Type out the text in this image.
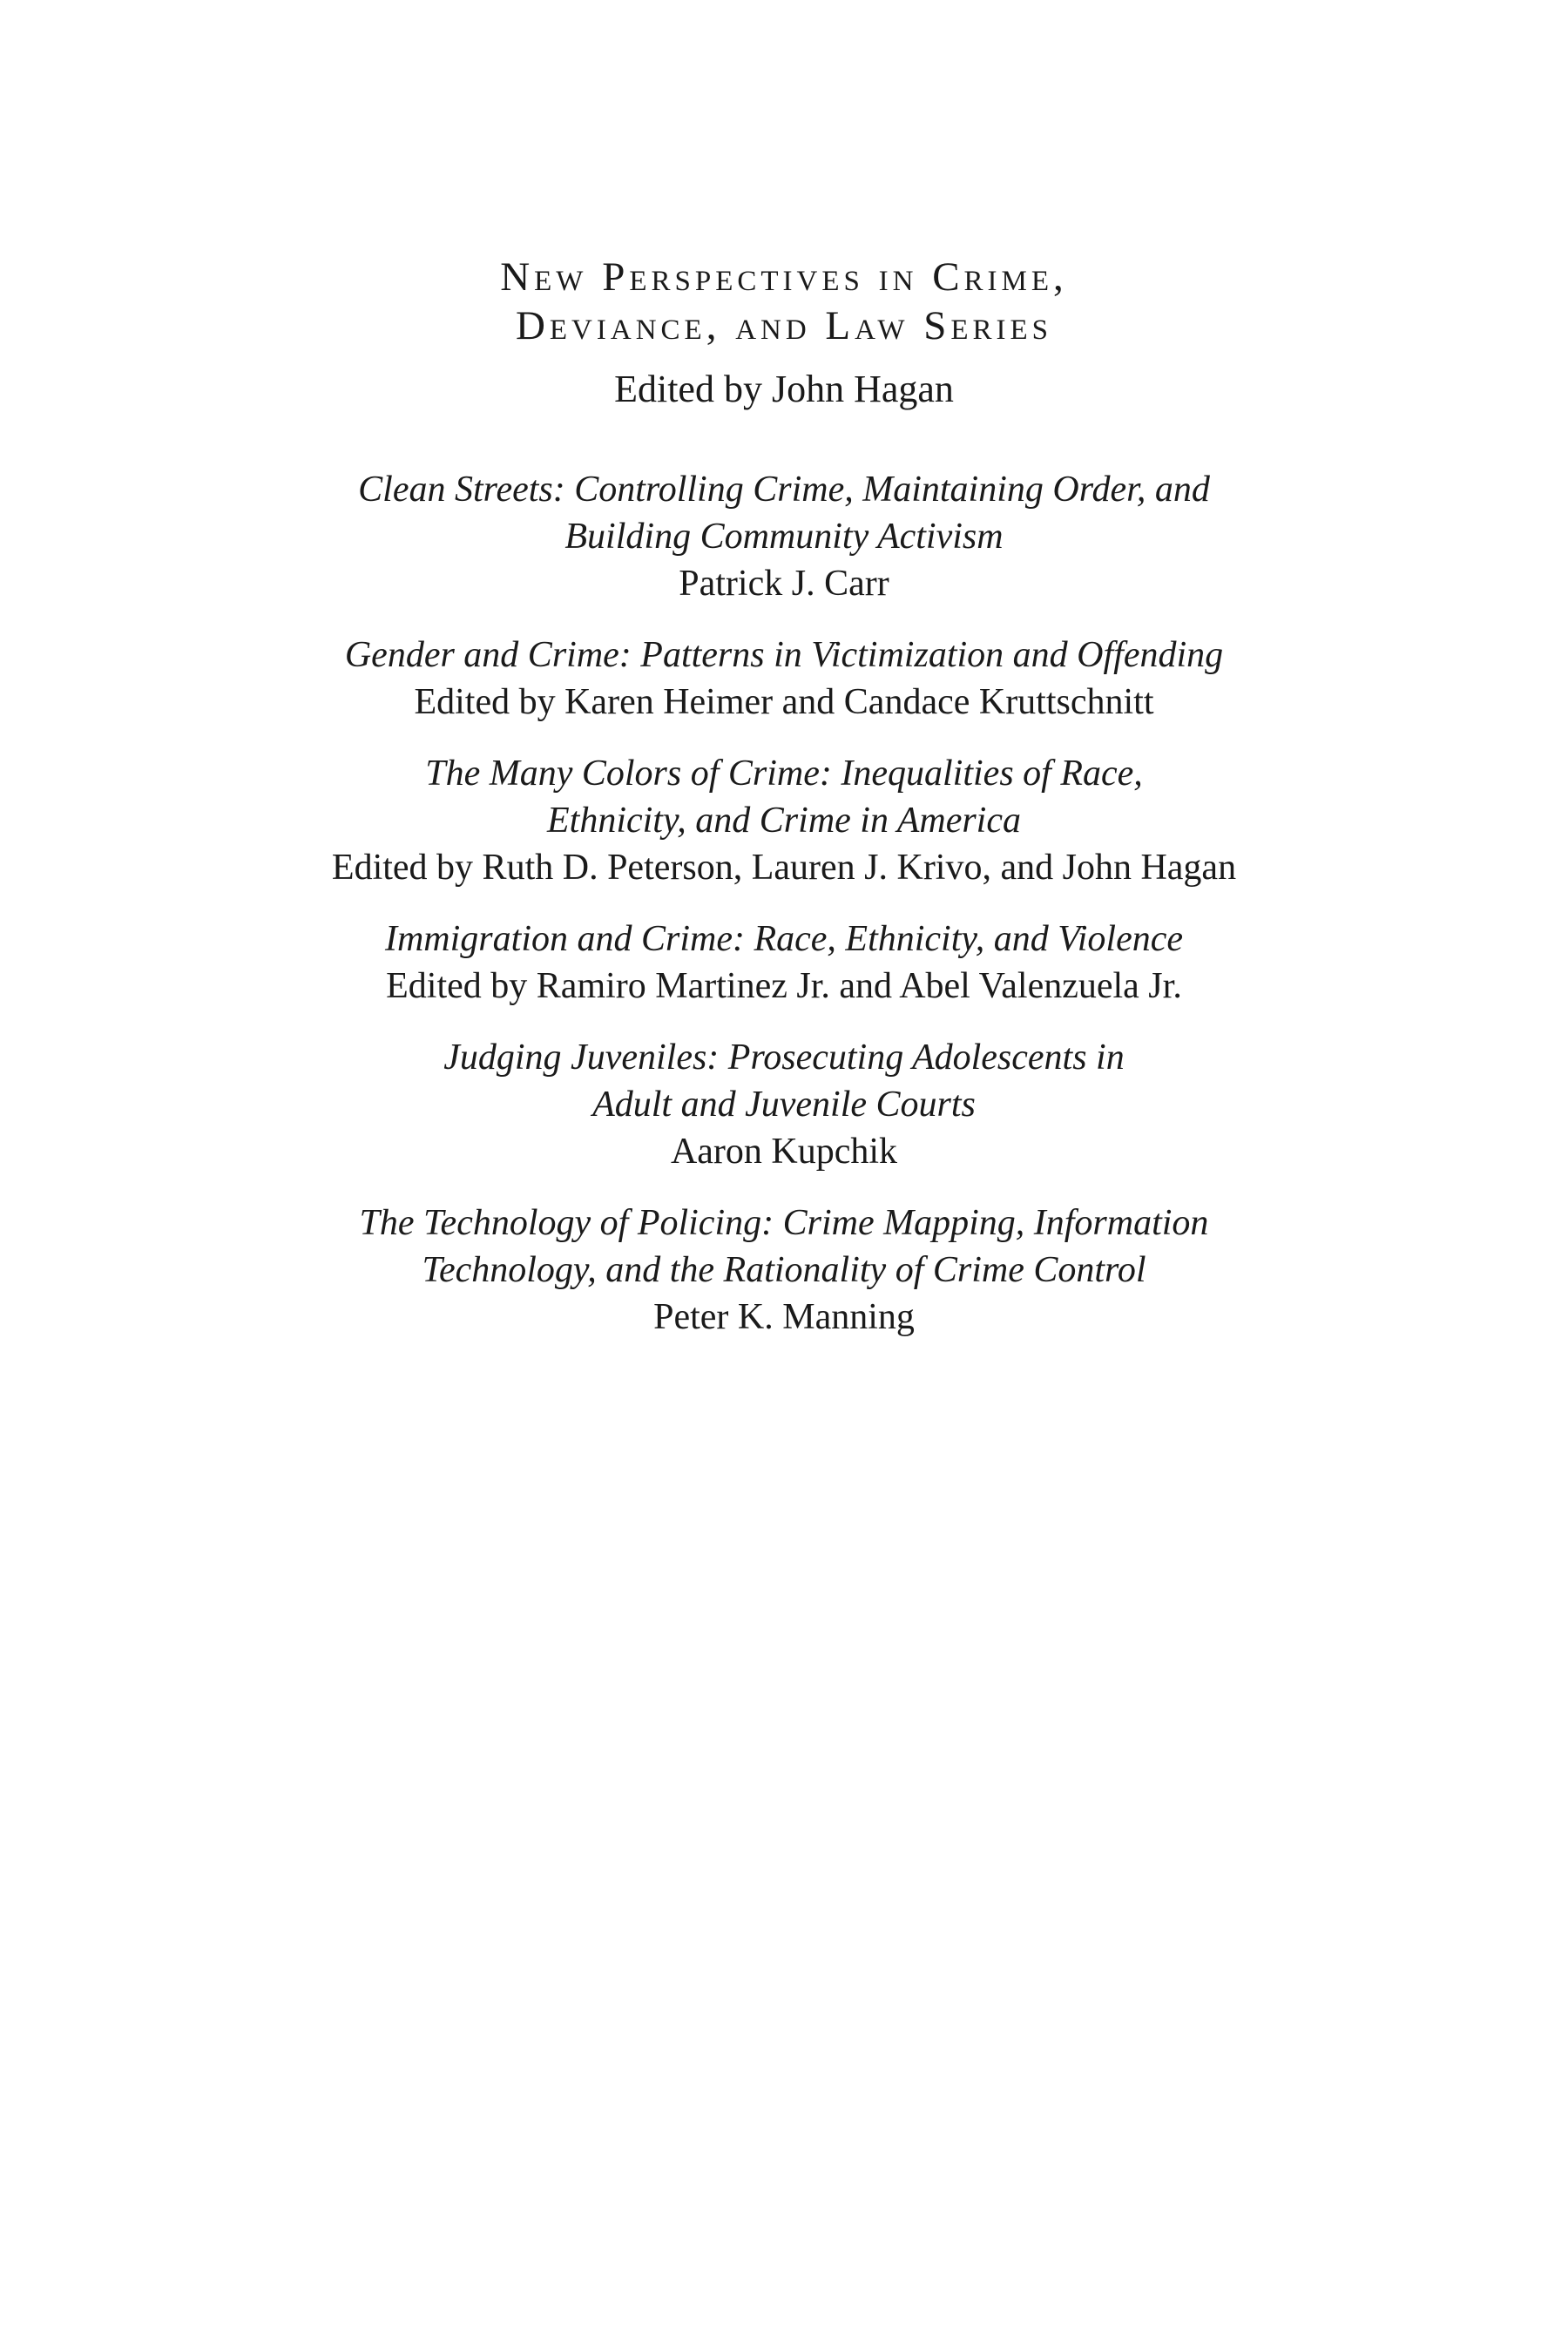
New Perspectives in Crime,
Deviance, and Law Series
Edited by John Hagan
Clean Streets: Controlling Crime, Maintaining Order, and
Building Community Activism
Patrick J. Carr
Gender and Crime: Patterns in Victimization and Offending
Edited by Karen Heimer and Candace Kruttschnitt
The Many Colors of Crime: Inequalities of Race,
Ethnicity, and Crime in America
Edited by Ruth D. Peterson, Lauren J. Krivo, and John Hagan
Immigration and Crime: Race, Ethnicity, and Violence
Edited by Ramiro Martinez Jr. and Abel Valenzuela Jr.
Judging Juveniles: Prosecuting Adolescents in
Adult and Juvenile Courts
Aaron Kupchik
The Technology of Policing: Crime Mapping, Information
Technology, and the Rationality of Crime Control
Peter K. Manning
